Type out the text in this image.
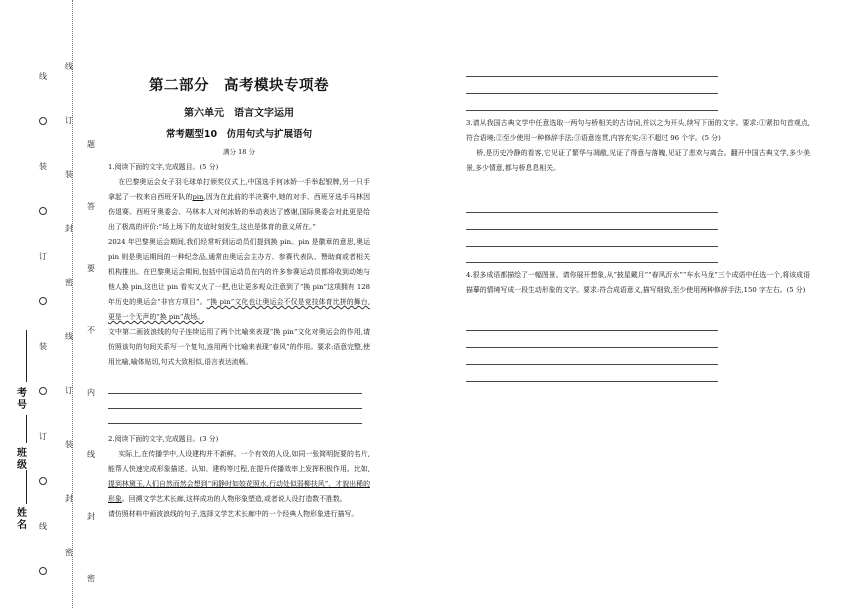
线
装
订
装
订
线
线
订
装
封
密
线
订
装
封
密
题
答
要
不
内
线
封
密
考号
班级
姓名
第二部分　高考模块专项卷
第六单元　语言文字运用
常考题型10　仿用句式与扩展语句
满分 18 分

1.阅读下面的文字,完成题目。(5 分)

在巴黎奥运会女子羽毛球单打颁奖仪式上,中国选手何冰娇一手举起银牌,另一只手拿起了一枚来自西班牙队的pin,因为在此前的半决赛中,她的对手、西班牙选手马林因伤退赛。西班牙奥委会、马林本人对何冰娇的举动表达了感谢,国际奥委会对此更是给出了极高的评价:“场上场下的友谊时刻发生,这也是体育的意义所在。”

2024 年巴黎奥运会期间,我们经常听到运动员们提到换 pin。pin 是徽章的意思,奥运 pin 则是奥运期间的一种纪念品,通常由奥运会主办方、参赛代表队、赞助商或者相关机构推出。在巴黎奥运会期间,包括中国运动员在内的许多参赛运动员都将收到动她与他人换 pin,这也让 pin 看实又火了一把,也让更多观众注意到了“换 pin”这项拥有 128 年历史的奥运会“非官方项目”。“换 pin”文化也让奥运会不仅是竞技体育比拼的舞台,更是一个无声的“换 pin”战场。

文中第二画波浪线的句子连续运用了两个比喻来表现“换 pin”文化对奥运会的作用,请仿照该句的句间关系写一个复句,连用两个比喻来表现“春风”的作用。要求:语意完整,使用比喻,喻体贴切,句式大致相似,语言表达流畅。

2.阅读下面的文字,完成题目。(3 分)

实际上,在传播学中,人设建构并不新鲜。一个有效的人设,如同一张简明扼要的名片,能帮人快速完成形象描述、认知、建构等过程,在提升传播效率上发挥积极作用。比如,提到林黛玉,人们自然而然会想到“闲静时如姣花照水,行动处似弱柳扶风”、才貌出稀的形象。回溯文学艺术长廊,这样成功的人物形象塑造,或者说人设打造数不胜数。

请仿照材料中画波浪线的句子,选择文学艺术长廊中的一个经典人物形象进行描写。

3.请从我国古典文学中任意选取一两句与桥相关的古诗词,并以之为开头,续写下面的文字。要求:①紧扣句首观点,符合语境;②至少使用一种修辞手法;③语意连贯,内容充实;④不超过 96 个字。(5 分)

桥,是历史冷静的看客,它见证了繁华与凋敝,见证了得意与落魄,见证了悲欢与离合。翻开中国古典文学,多少美景,多少情意,都与桥息息相关。

4.很多成语都描绘了一幅图景。请你展开想象,从“披星戴月”“春风沂水”“车水马龙”三个成语中任选一个,将该成语描摹的情境写成一段生动形象的文字。要求:符合成语意义,描写细致,至少使用两种修辞手法,150 字左右。(5 分)
